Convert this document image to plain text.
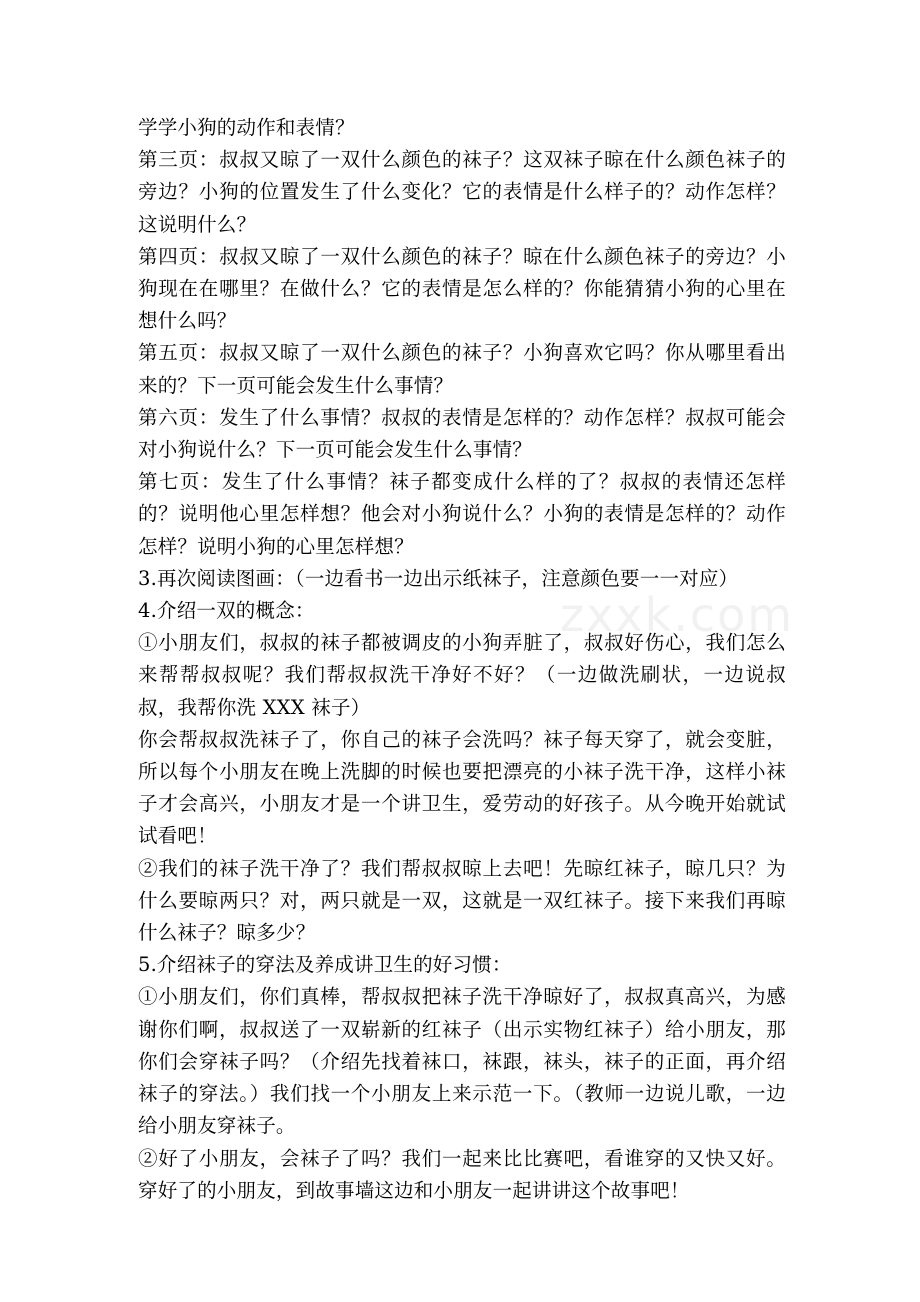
zxxk.com

学学小狗的动作和表情？

第三页：叔叔又晾了一双什么颜色的袜子？这双袜子晾在什么颜色袜子的旁边？小狗的位置发生了什么变化？它的表情是什么样子的？动作怎样？这说明什么？

第四页：叔叔又晾了一双什么颜色的袜子？晾在什么颜色袜子的旁边？小狗现在在哪里？在做什么？它的表情是怎么样的？你能猜猜小狗的心里在想什么吗？

第五页：叔叔又晾了一双什么颜色的袜子？小狗喜欢它吗？你从哪里看出来的？下一页可能会发生什么事情？

第六页：发生了什么事情？叔叔的表情是怎样的？动作怎样？叔叔可能会对小狗说什么？下一页可能会发生什么事情？

第七页：发生了什么事情？袜子都变成什么样的了？叔叔的表情还怎样的？说明他心里怎样想？他会对小狗说什么？小狗的表情是怎样的？动作怎样？说明小狗的心里怎样想？

3.再次阅读图画：（一边看书一边出示纸袜子，注意颜色要一一对应）

4.介绍一双的概念：

①小朋友们，叔叔的袜子都被调皮的小狗弄脏了，叔叔好伤心，我们怎么来帮帮叔叔呢？我们帮叔叔洗干净好不好？（一边做洗刷状，一边说叔叔，我帮你洗 XXX 袜子）

你会帮叔叔洗袜子了，你自己的袜子会洗吗？袜子每天穿了，就会变脏，所以每个小朋友在晚上洗脚的时候也要把漂亮的小袜子洗干净，这样小袜子才会高兴，小朋友才是一个讲卫生，爱劳动的好孩子。从今晚开始就试试看吧！

②我们的袜子洗干净了？我们帮叔叔晾上去吧！先晾红袜子，晾几只？为什么要晾两只？对，两只就是一双，这就是一双红袜子。接下来我们再晾什么袜子？晾多少？

5.介绍袜子的穿法及养成讲卫生的好习惯：

①小朋友们，你们真棒，帮叔叔把袜子洗干净晾好了，叔叔真高兴，为感谢你们啊，叔叔送了一双崭新的红袜子（出示实物红袜子）给小朋友，那你们会穿袜子吗？（介绍先找着袜口，袜跟，袜头，袜子的正面，再介绍袜子的穿法。）我们找一个小朋友上来示范一下。（教师一边说儿歌，一边给小朋友穿袜子。

②好了小朋友，会袜子了吗？我们一起来比比赛吧，看谁穿的又快又好。穿好了的小朋友，到故事墙这边和小朋友一起讲讲这个故事吧！
